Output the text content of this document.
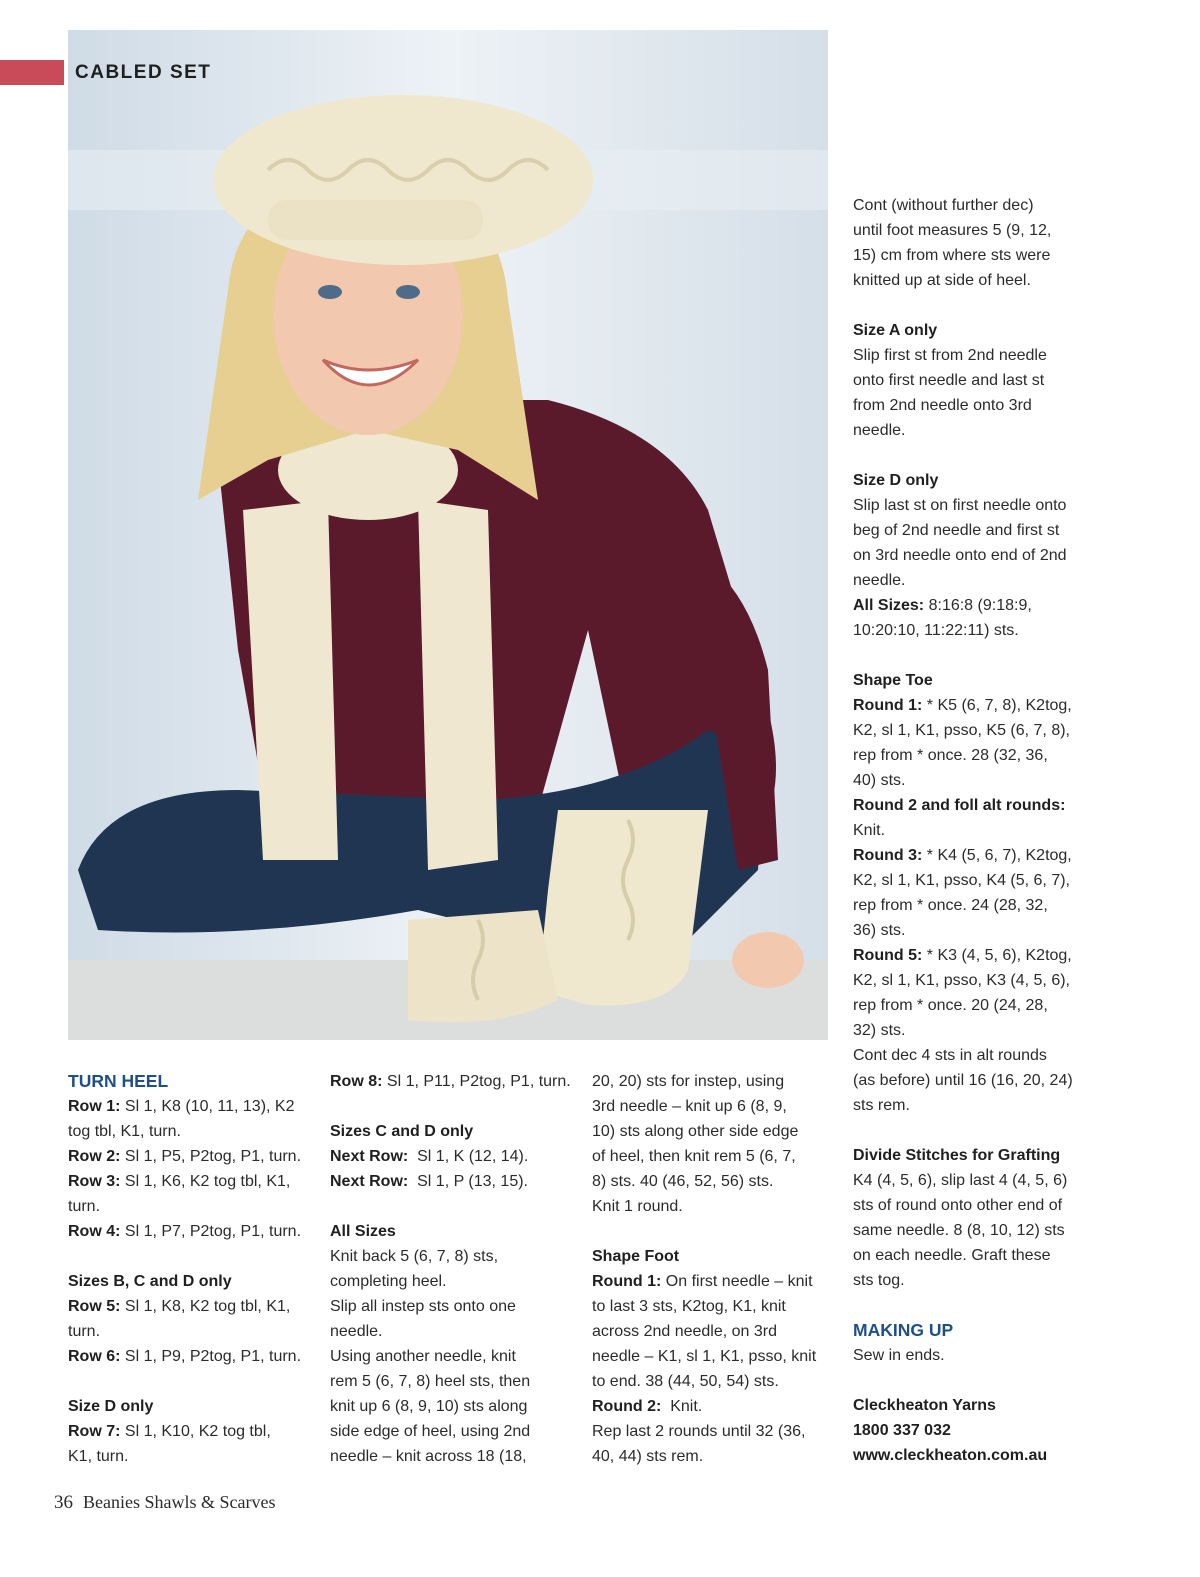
CABLED SET

TURN HEEL

Row 1: Sl 1, K8 (10, 11, 13), K2

tog tbl, K1, turn.

Row 2: Sl 1, P5, P2tog, P1, turn.

Row 3: Sl 1, K6, K2 tog tbl, K1,

turn.

Row 4: Sl 1, P7, P2tog, P1, turn.

Sizes B, C and D only

Row 5: Sl 1, K8, K2 tog tbl, K1,

turn.

Row 6: Sl 1, P9, P2tog, P1, turn.

Size D only

Row 7: Sl 1, K10, K2 tog tbl,

K1, turn.

Row 8: Sl 1, P11, P2tog, P1, turn.

Sizes C and D only

Next Row: Sl 1, K (12, 14).

Next Row: Sl 1, P (13, 15).

All Sizes

Knit back 5 (6, 7, 8) sts,

completing heel.

Slip all instep sts onto one

needle.

Using another needle, knit

rem 5 (6, 7, 8) heel sts, then

knit up 6 (8, 9, 10) sts along

side edge of heel, using 2nd

needle – knit across 18 (18,

20, 20) sts for instep, using

3rd needle – knit up 6 (8, 9,

10) sts along other side edge

of heel, then knit rem 5 (6, 7,

8) sts. 40 (46, 52, 56) sts.

Knit 1 round.

Shape Foot

Round 1: On first needle – knit

to last 3 sts, K2tog, K1, knit

across 2nd needle, on 3rd

needle – K1, sl 1, K1, psso, knit

to end. 38 (44, 50, 54) sts.

Round 2: Knit.

Rep last 2 rounds until 32 (36,

40, 44) sts rem.

Cont (without further dec)

until foot measures 5 (9, 12,

15) cm from where sts were

knitted up at side of heel.

Size A only

Slip first st from 2nd needle

onto first needle and last st

from 2nd needle onto 3rd

needle.

Size D only

Slip last st on first needle onto

beg of 2nd needle and first st

on 3rd needle onto end of 2nd

needle.

All Sizes: 8:16:8 (9:18:9,

10:20:10, 11:22:11) sts.

Shape Toe

Round 1: * K5 (6, 7, 8), K2tog,

K2, sl 1, K1, psso, K5 (6, 7, 8),

rep from * once. 28 (32, 36,

40) sts.

Round 2 and foll alt rounds:

Knit.

Round 3: * K4 (5, 6, 7), K2tog,

K2, sl 1, K1, psso, K4 (5, 6, 7),

rep from * once. 24 (28, 32,

36) sts.

Round 5: * K3 (4, 5, 6), K2tog,

K2, sl 1, K1, psso, K3 (4, 5, 6),

rep from * once. 20 (24, 28,

32) sts.

Cont dec 4 sts in alt rounds

(as before) until 16 (16, 20, 24)

sts rem.

Divide Stitches for Grafting

K4 (4, 5, 6), slip last 4 (4, 5, 6)

sts of round onto other end of

same needle. 8 (8, 10, 12) sts

on each needle. Graft these

sts tog.

MAKING UP

Sew in ends.

Cleckheaton Yarns

1800 337 032

www.cleckheaton.com.au

36 Beanies Shawls & Scarves
